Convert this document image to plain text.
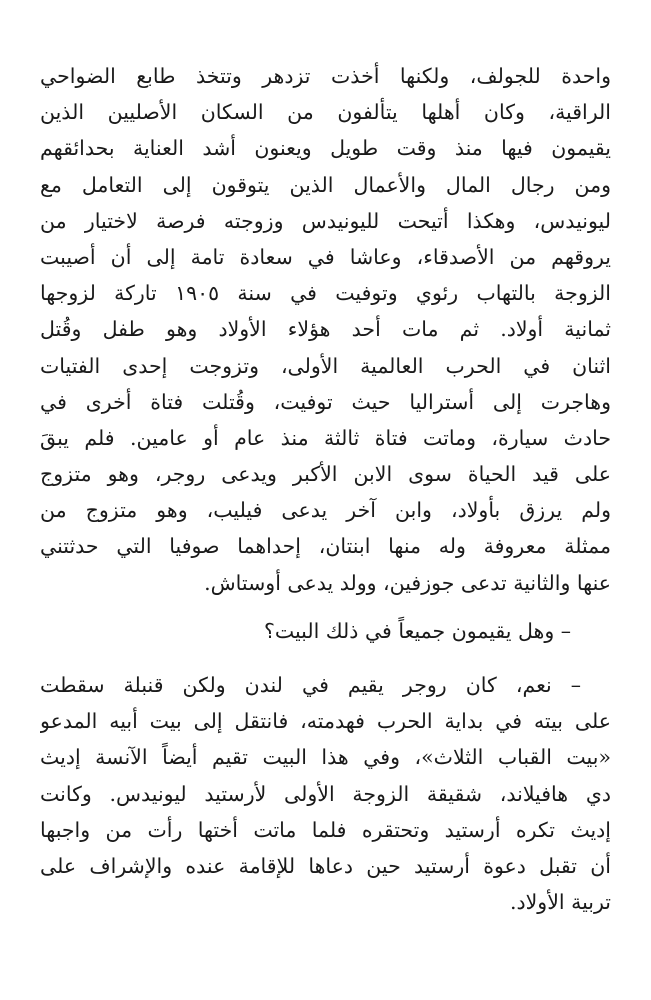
واحدة للجولف، ولكنها أخذت تزدهر وتتخذ طابع الضواحي
الراقية، وكان أهلها يتألفون من السكان الأصليين الذين
يقيمون فيها منذ وقت طويل ويعنون أشد العناية بحدائقهم
ومن رجال المال والأعمال الذين يتوقون إلى التعامل مع
ليونيدس، وهكذا أتيحت لليونيدس وزوجته فرصة لاختيار من
يروقهم من الأصدقاء، وعاشا في سعادة تامة إلى أن أصيبت
الزوجة بالتهاب رئوي وتوفيت في سنة ١٩٠٥ تاركة لزوجها
ثمانية أولاد. ثم مات أحد هؤلاء الأولاد وهو طفل وقُتل
اثنان في الحرب العالمية الأولى، وتزوجت إحدى الفتيات
وهاجرت إلى أستراليا حيث توفيت، وقُتلت فتاة أخرى في
حادث سيارة، وماتت فتاة ثالثة منذ عام أو عامين. فلم يبقَ
على قيد الحياة سوى الابن الأكبر ويدعى روجر، وهو متزوج
ولم يرزق بأولاد، وابن آخر يدعى فيليب، وهو متزوج من
ممثلة معروفة وله منها ابنتان، إحداهما صوفيا التي حدثتني
عنها والثانية تدعى جوزفين، وولد يدعى أوستاش.
– وهل يقيمون جميعاً في ذلك البيت؟
– نعم، كان روجر يقيم في لندن ولكن قنبلة سقطت
على بيته في بداية الحرب فهدمته، فانتقل إلى بيت أبيه المدعو
«بيت القباب الثلاث»، وفي هذا البيت تقيم أيضاً الآنسة إديث
دي هافيلاند، شقيقة الزوجة الأولى لأرستيد ليونيدس. وكانت
إديث تكره أرستيد وتحتقره فلما ماتت أختها رأت من واجبها
أن تقبل دعوة أرستيد حين دعاها للإقامة عنده والإشراف على
تربية الأولاد.
